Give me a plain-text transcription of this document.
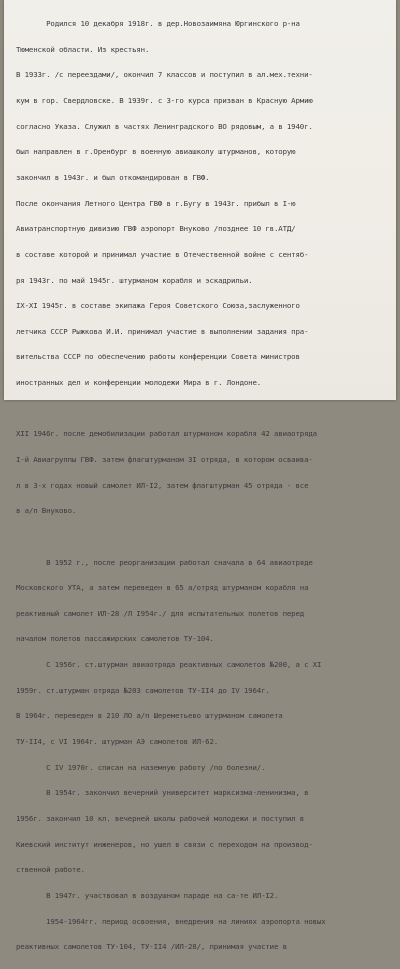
Родился 10 декабря 1918г. в дер.Новозаимяна Юргинского р-на

Тюменской области. Из крестьян.

В 1933г. /с переездами/, окончил 7 классов и поступил в ал.мех.техни-

кум в гор. Свердловске. В 1939г. с 3-го курса призван в Красную Армию

согласно Указа. Служил в частях Ленинградского ВО рядовым, а в 1940г.

был направлен в г.Оренбург в военную авиашколу штурманов, которую

закончил в 1943г. и был откомандирован в ГВФ.

После окончания Летного Центра ГВФ в г.Бугу в 1943г. прибыл в I-ю

Авиатранспортную дивизию ГВФ аэропорт Внуково /позднее 10 гв.АТД/

в составе которой и принимал участие в Отечественной войне с сентяб-

ря 1943г. по май 1945г. штурманом корабля и эскадрильи.

IX-XI 1945г. в составе экипажа Героя Советского Союза,заслуженного

летчика СССР Рыжкова И.И. принимал участие в выполнении задания пра-

вительства СССР по обеспечению работы конференции Совета министров

иностранных дел и конференции молодежи Мира в г. Лондоне.

XII 1946г. после демобилизации работал штурманом корабля 42 авиаотряда

I-й Авиагруппы ГВФ. затем флагштурманом ЗI отряда, в котором осваива-

л в 3-х годах новый самолет ИЛ-I2, затем флагштурман 45 отряда - все

в а/п Внуково.

В 1952 г., после реорганизации работал сначала в 64 авиаотряде

Московского УТА, а затем переведен в 65 а/отряд штурманом корабля на

реактивный самолет ИЛ-28 /Л I954г./ для испытательных полетов перед

началом полетов пассажирских самолетов ТУ-104.

С 1956г. ст.штурман авиаотряда реактивных самолетов №200, а с XI

1959г. ст.штурман отряда №203 самолетов ТУ-II4 до IV 1964г.

В 1964г. переведен в 210 ЛО а/п Шереметьево штурманом самолета

ТУ-II4, с VI 1964г. штурман АЭ самолетов ИЛ-62.

С IV 1970г. списан на наземную работу /по болезни/.

В 1954г. закончил вечерний университет марксизма-ленинизма, в

1956г. закончил 10 кл. вечерней школы рабочей молодежи и поступил в

Киевский институт инженеров, но ушел в связи с переходом на производ-

ственной работе.

В 1947г. участвовал в воздушном параде на са-те ИЛ-I2.

1954-1964гг. период освоения, внедрения на линиях аэропорта новых

реактивных самолетов ТУ-104, ТУ-II4 /ИЛ-28/, принимая участие в
